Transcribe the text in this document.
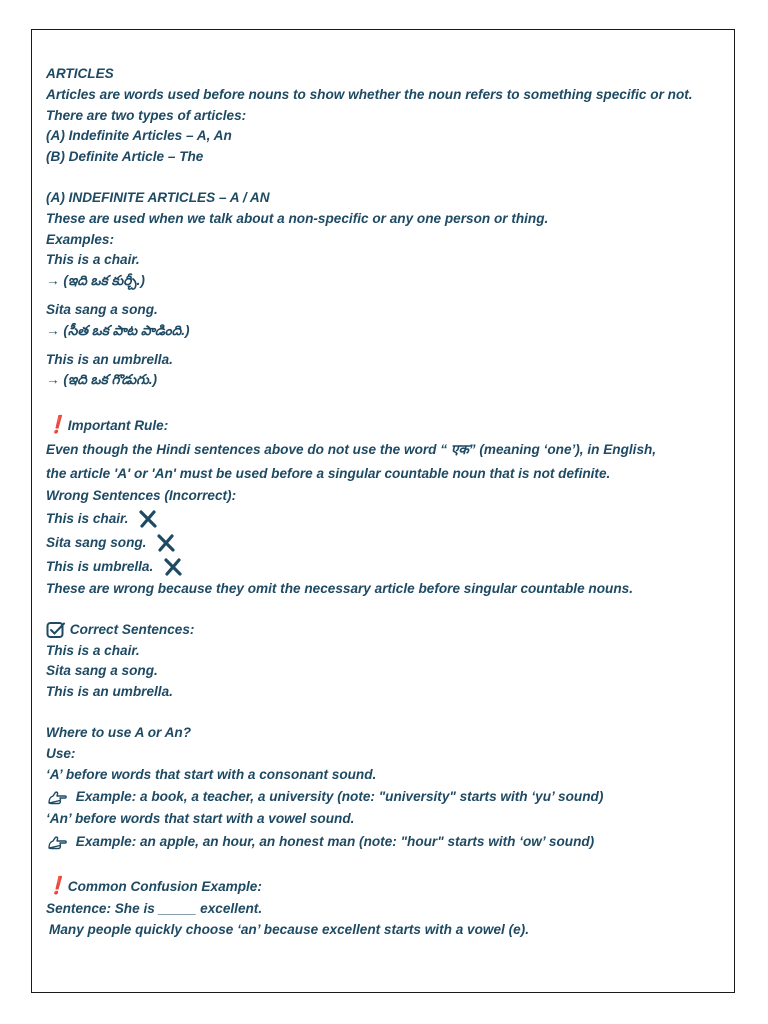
ARTICLES
Articles are words used before nouns to show whether the noun refers to something specific or not.
There are two types of articles:
(A) Indefinite Articles – A, An
(B) Definite Article – The
(A) INDEFINITE ARTICLES – A / AN
These are used when we talk about a non-specific or any one person or thing.
Examples:
This is a chair.
→ (ఇది ఒక కుర్చీ.)
Sita sang a song.
→ (సీత ఒక పాట పాడింది.)
This is an umbrella.
→ (ఇది ఒక గొడుగు.)
❗ Important Rule:
Even though the Hindi sentences above do not use the word “ एक” (meaning ‘one’), in English,
the article 'A' or 'An' must be used before a singular countable noun that is not definite.
Wrong Sentences (Incorrect):
This is chair.
Sita sang song.
This is umbrella.
These are wrong because they omit the necessary article before singular countable nouns.
Correct Sentences:
This is a chair.
Sita sang a song.
This is an umbrella.
Where to use A or An?
Use:
‘A’ before words that start with a consonant sound.
Example: a book, a teacher, a university (note: "university" starts with ‘yu’ sound)
‘An’ before words that start with a vowel sound.
Example: an apple, an hour, an honest man (note: "hour" starts with ‘ow’ sound)
❗ Common Confusion Example:
Sentence: She is _____ excellent.
Many people quickly choose ‘an’ because excellent starts with a vowel (e).
